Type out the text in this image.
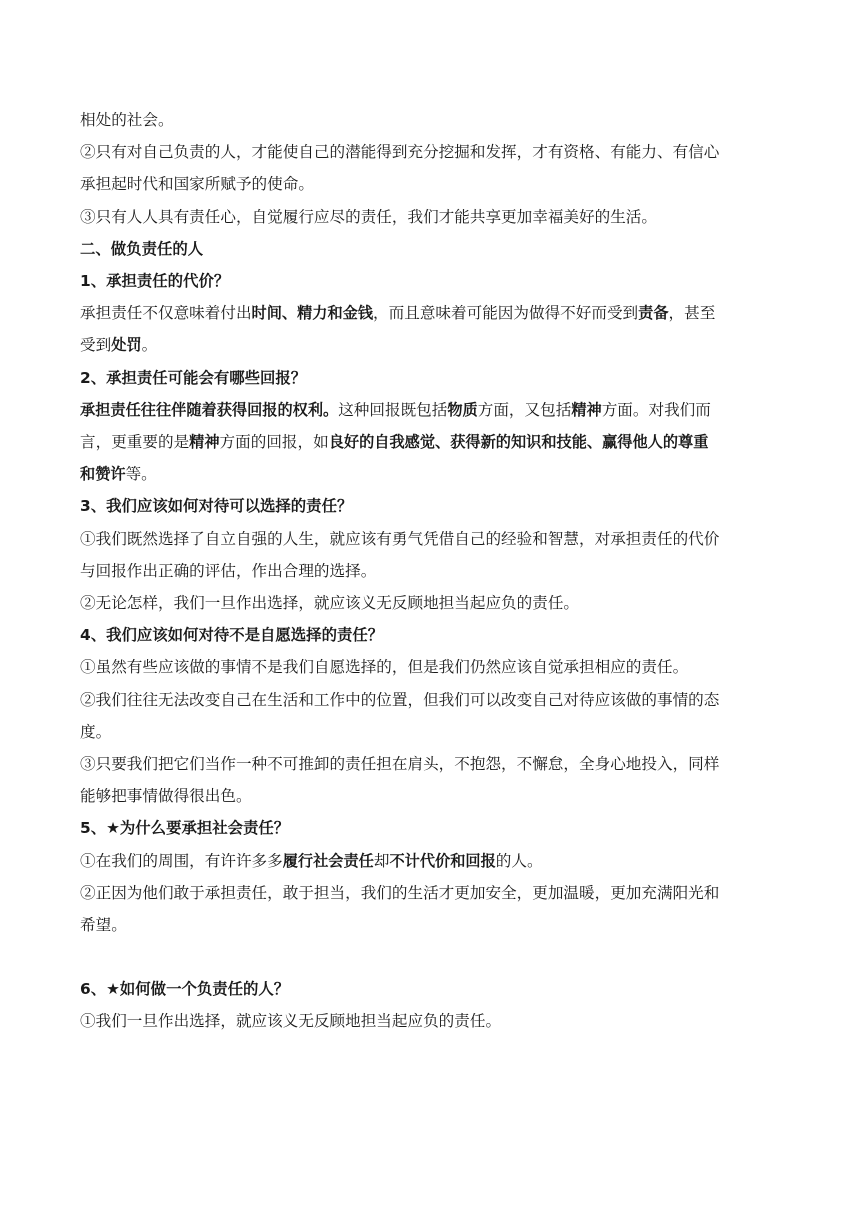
相处的社会。

②只有对自己负责的人，才能使自己的潜能得到充分挖掘和发挥，才有资格、有能力、有信心

承担起时代和国家所赋予的使命。

③只有人人具有责任心，自觉履行应尽的责任，我们才能共享更加幸福美好的生活。

二、做负责任的人

1、承担责任的代价？

承担责任不仅意味着付出时间、精力和金钱，而且意味着可能因为做得不好而受到责备，甚至

受到处罚。

2、承担责任可能会有哪些回报？

承担责任往往伴随着获得回报的权利。这种回报既包括物质方面，又包括精神方面。对我们而

言，更重要的是精神方面的回报，如良好的自我感觉、获得新的知识和技能、赢得他人的尊重

和赞许等。

3、我们应该如何对待可以选择的责任？

①我们既然选择了自立自强的人生，就应该有勇气凭借自己的经验和智慧，对承担责任的代价

与回报作出正确的评估，作出合理的选择。

②无论怎样，我们一旦作出选择，就应该义无反顾地担当起应负的责任。

4、我们应该如何对待不是自愿选择的责任？

①虽然有些应该做的事情不是我们自愿选择的，但是我们仍然应该自觉承担相应的责任。

②我们往往无法改变自己在生活和工作中的位置，但我们可以改变自己对待应该做的事情的态

度。

③只要我们把它们当作一种不可推卸的责任担在肩头，不抱怨，不懈怠，全身心地投入，同样

能够把事情做得很出色。

5、★为什么要承担社会责任？

①在我们的周围，有许许多多履行社会责任却不计代价和回报的人。

②正因为他们敢于承担责任，敢于担当，我们的生活才更加安全，更加温暖，更加充满阳光和

希望。

6、★如何做一个负责任的人？

①我们一旦作出选择，就应该义无反顾地担当起应负的责任。
